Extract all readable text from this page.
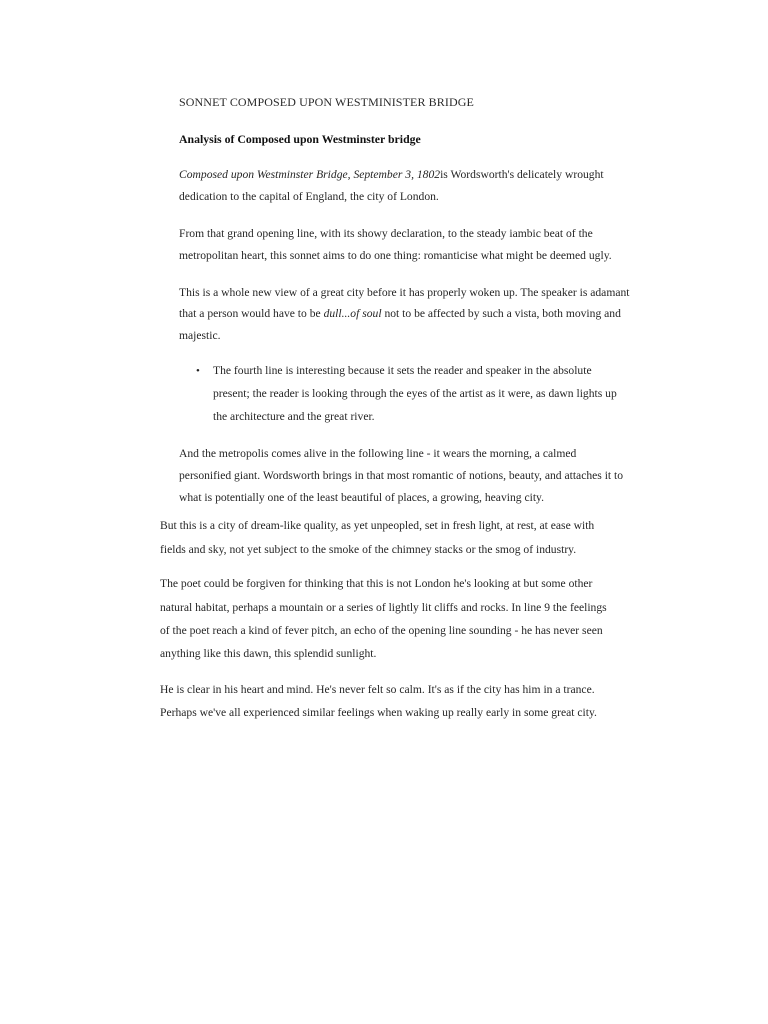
SONNET COMPOSED UPON WESTMINISTER BRIDGE

Analysis of Composed upon Westminster bridge

Composed upon Westminster Bridge, September 3, 1802is Wordsworth's delicately wrought

dedication to the capital of England, the city of London.

From that grand opening line, with its showy declaration, to the steady iambic beat of the

metropolitan heart, this sonnet aims to do one thing: romanticise what might be deemed ugly.

This is a whole new view of a great city before it has properly woken up. The speaker is adamant

that a person would have to be dull...of soul not to be affected by such a vista, both moving and

majestic.

• The fourth line is interesting because it sets the reader and speaker in the absolute

present; the reader is looking through the eyes of the artist as it were, as dawn lights up

the architecture and the great river.

And the metropolis comes alive in the following line - it wears the morning, a calmed

personified giant. Wordsworth brings in that most romantic of notions, beauty, and attaches it to

what is potentially one of the least beautiful of places, a growing, heaving city.

But this is a city of dream-like quality, as yet unpeopled, set in fresh light, at rest, at ease with

fields and sky, not yet subject to the smoke of the chimney stacks or the smog of industry.

The poet could be forgiven for thinking that this is not London he's looking at but some other

natural habitat, perhaps a mountain or a series of lightly lit cliffs and rocks. In line 9 the feelings

of the poet reach a kind of fever pitch, an echo of the opening line sounding - he has never seen

anything like this dawn, this splendid sunlight.

He is clear in his heart and mind. He's never felt so calm. It's as if the city has him in a trance.

Perhaps we've all experienced similar feelings when waking up really early in some great city.
